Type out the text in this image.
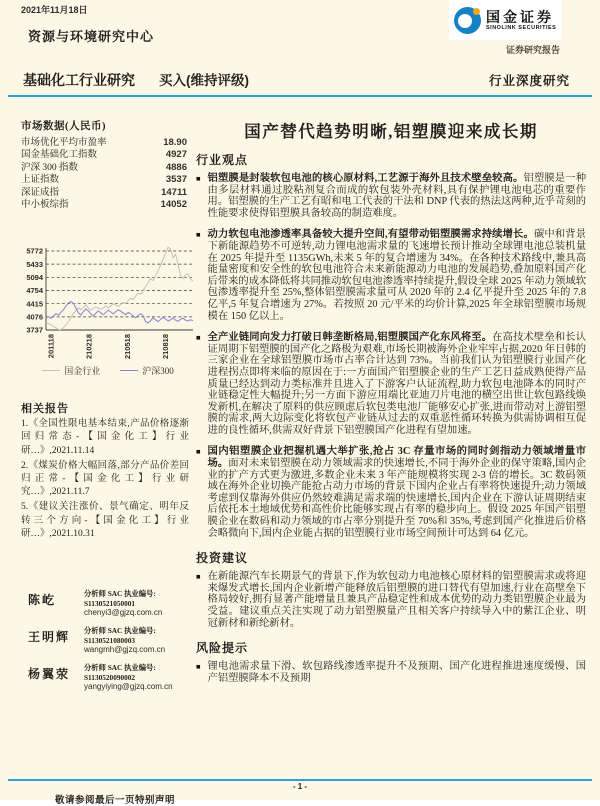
2021年11月18日	国金证券
SINOLINK SECURITIES
证券研究报告
资源与环境研究中心
基础化工行业研究 买入(维持评级)	行业深度研究
市场数据(人民币)
市场优化平均市盈率	18.90
国金基础化工指数	4927
沪深 300 指数	4886
上证指数	3537
深证成指	14711
中小板综指	14052
3737
4076
4415
4754
5094
5433
5772
201118	210218	210518	210818
国金行业	沪深300
相关报告
1.《全国性限电基本结束,产品价格逐渐回归常态-【国金化工】行业研…》,2021.11.14
2.《煤炭价格大幅回落,部分产品价差回归正常-【国金化工】行业研究…》,2021.11.7
5.《建议关注涨价、景气确定、明年反转三个方向-【国金化工】行业研…》,2021.10.31
陈屹	分析师 SAC 执业编号: S1130521050001
chenyi3@gjzq.com.cn
王明辉	分析师 SAC 执业编号: S1130521080003
wangmh@gjzq.com.cn
杨翼荥	分析师 SAC 执业编号: S1130520090002
yangyiying@gjzq.com.cn
国产替代趋势明晰,铝塑膜迎来成长期
行业观点
■ 铝塑膜是封装软包电池的核心原材料,工艺源于海外且技术壁垒较高。铝塑膜是一种由多层材料通过胶粘剂复合而成的软包装外壳材料,具有保护锂电池电芯的重要作用。铝塑膜的生产工艺有昭和电工代表的干法和 DNP 代表的热法这两种,近乎苛刻的性能要求使得铝塑膜具备较高的制造难度。

■ 动力软包电池渗透率具备较大提升空间,有望带动铝塑膜需求持续增长。碳中和背景下新能源趋势不可逆转,动力锂电池需求量的飞速增长预计推动全球锂电池总装机量在 2025 年提升至 1135GWh,未来 5 年的复合增速为 34%。在各种技术路线中,兼具高能量密度和安全性的软包电池符合未来新能源动力电池的发展趋势,叠加原料国产化后带来的成本降低将共同推动软包电池渗透率持续提升,假设全球 2025 年动力领域软包渗透率提升至 25%,整体铝塑膜需求量可从 2020 年的 2.4 亿平提升至 2025 年的 7.8 亿平,5 年复合增速为 27%。若按照 20 元/平米的均价计算,2025 年全球铝塑膜市场规模在 150 亿以上。

■ 全产业链同向发力打破日韩垄断格局,铝塑膜国产化东风将至。在高技术壁垒和长认证周期下铝塑膜的国产化之路极为艰难,市场长期被海外企业牢牢占据,2020 年日韩的三家企业在全球铝塑膜市场市占率合计达到 73%。当前我们认为铝塑膜行业国产化进程拐点即将来临的原因在于:一方面国产铝塑膜企业的生产工艺日益成熟使得产品质量已经达到动力类标准并且进入了下游客户认证流程,助力软包电池降本的同时产业链稳定性大幅提升;另一方面下游应用端比亚迪刀片电池的横空出世让软包路线焕发新机,在解决了原料的供应顾虑后软包类电池厂能够安心扩张,进而带动对上游铝塑膜的需求,两大边际变化将软包产业链从过去的双重恶性循环转换为供需协调相互促进的良性循环,供需双好背景下铝塑膜国产化进程有望加速。

■ 国内铝塑膜企业把握机遇大举扩张,抢占 3C 存量市场的同时剑指动力领域增量市场。面对未来铝塑膜在动力领域需求的快速增长,不同于海外企业的保守策略,国内企业的扩产方式更为激进,多数企业未来 3 年产能规模将实现 2-3 倍的增长。3C 数码领域在海外企业切换产能抢占动力市场的背景下国内企业占有率将快速提升;动力领域考虑到仅靠海外供应仍然较难满足需求端的快速增长,国内企业在下游认证周期结束后依托本土地域优势和高性价比能够实现占有率的稳步向上。假设 2025 年国产铝塑膜企业在数码和动力领域的市占率分别提升至 70%和 35%,考虑到国产化推进后价格会略微向下,国内企业能占据的铝塑膜行业市场空间预计可达到 64 亿元。

投资建议
■ 在新能源汽车长期景气的背景下,作为软包动力电池核心原材料的铝塑膜需求或将迎来爆发式增长,国内企业新增产能释放后铝塑膜的进口替代有望加速,行业在高壁垒下格局较好,拥有显著产能增量且兼具产品稳定性和成本优势的动力类铝塑膜企业最为受益。建议重点关注实现了动力铝塑膜量产且相关客户持续导入中的紫江企业、明冠新材和新纶新材。

风险提示
■ 锂电池需求量下滑、软包路线渗透率提升不及预期、国产化进程推进速度缓慢、国产铝塑膜降本不及预期

- 1 -
敬请参阅最后一页特别声明
